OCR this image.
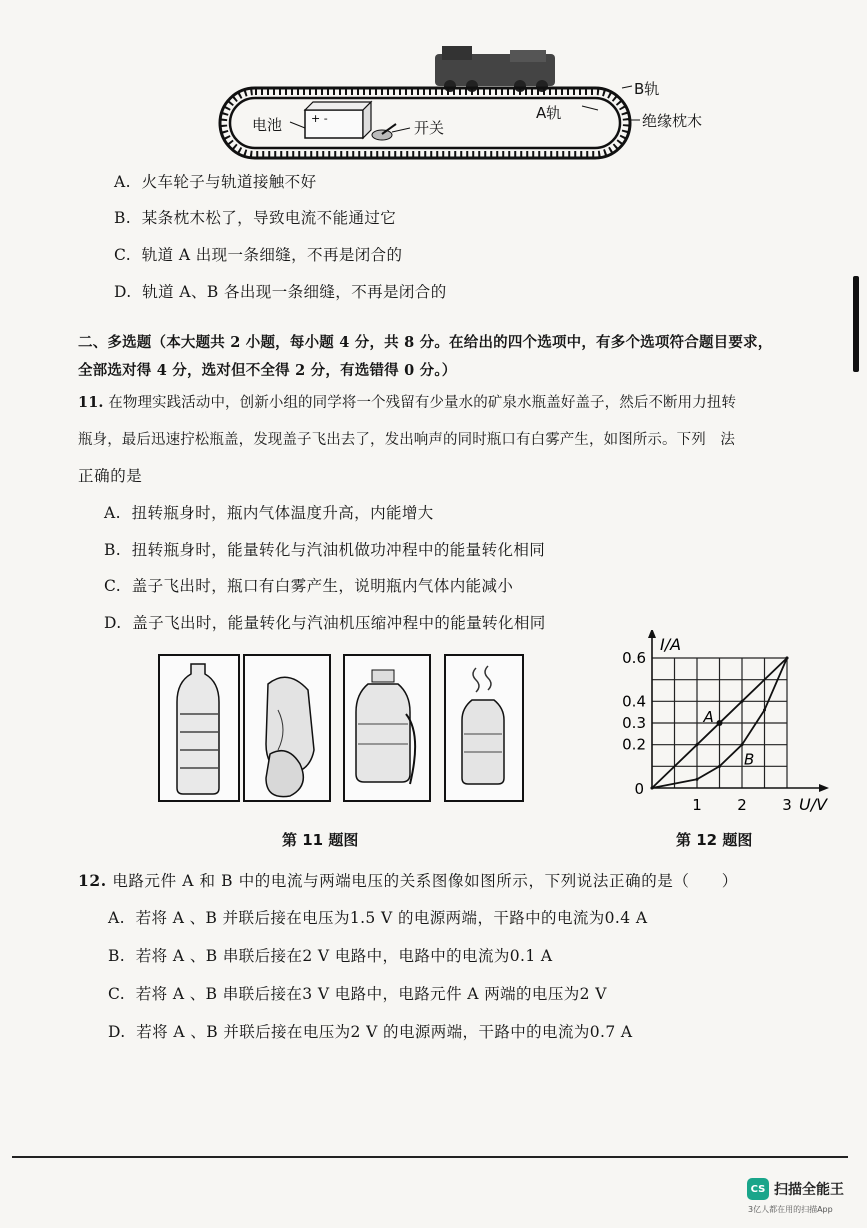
+ -
电池	开关
B轨
A轨	绝缘枕木
A. 火车轮子与轨道接触不好
B. 某条枕木松了，导致电流不能通过它
C. 轨道 A 出现一条细缝，不再是闭合的
D. 轨道 A、B 各出现一条细缝，不再是闭合的
二、多选题（本大题共 2 小题，每小题 4 分，共 8 分。在给出的四个选项中，有多个选项符合题目要求，
全部选对得 4 分，选对但不全得 2 分，有选错得 0 分。）
11. 在物理实践活动中，创新小组的同学将一个残留有少量水的矿泉水瓶盖好盖子，然后不断用力扭转
瓶身，最后迅速拧松瓶盖，发现盖子飞出去了，发出响声的同时瓶口有白雾产生，如图所示。下列　法
正确的是
A. 扭转瓶身时，瓶内气体温度升高，内能增大
B. 扭转瓶身时，能量转化与汽油机做功冲程中的能量转化相同
C. 盖子飞出时，瓶口有白雾产生，说明瓶内气体内能减小
D. 盖子飞出时，能量转化与汽油机压缩冲程中的能量转化相同
第 11 题图
0.6
0.4
0.3
0.2
0
1 2 3
I/A
U/V
A
B
第 12 题图
12. 电路元件 A 和 B 中的电流与两端电压的关系图像如图所示，下列说法正确的是（　　）
A. 若将 A 、B 并联后接在电压为1.5 V 的电源两端，干路中的电流为0.4 A
B. 若将 A 、B 串联后接在2 V 电路中，电路中的电流为0.1 A
C. 若将 A 、B 串联后接在3 V 电路中，电路元件 A 两端的电压为2 V
D. 若将 A 、B 并联后接在电压为2 V 的电源两端，干路中的电流为0.7 A
CS 扫描全能王
3亿人都在用的扫描App
